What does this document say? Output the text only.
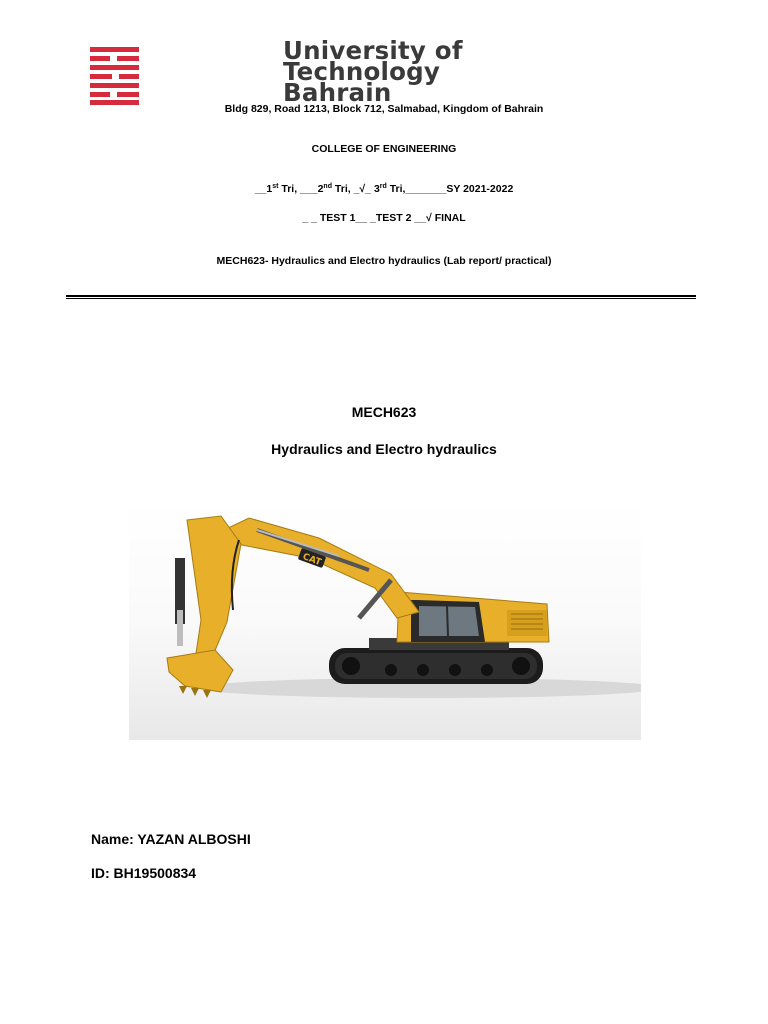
University of
Technology
Bahrain
Bldg 829, Road 1213, Block 712, Salmabad, Kingdom of Bahrain
COLLEGE OF ENGINEERING
__1st Tri, ___2nd Tri, _√_ 3rd Tri,_______SY 2021-2022
_ _ TEST 1__ _TEST 2 __√ FINAL
MECH623- Hydraulics and Electro hydraulics (Lab report/ practical)
MECH623
Hydraulics and Electro hydraulics
CAT
Name: YAZAN ALBOSHI
ID: BH19500834
